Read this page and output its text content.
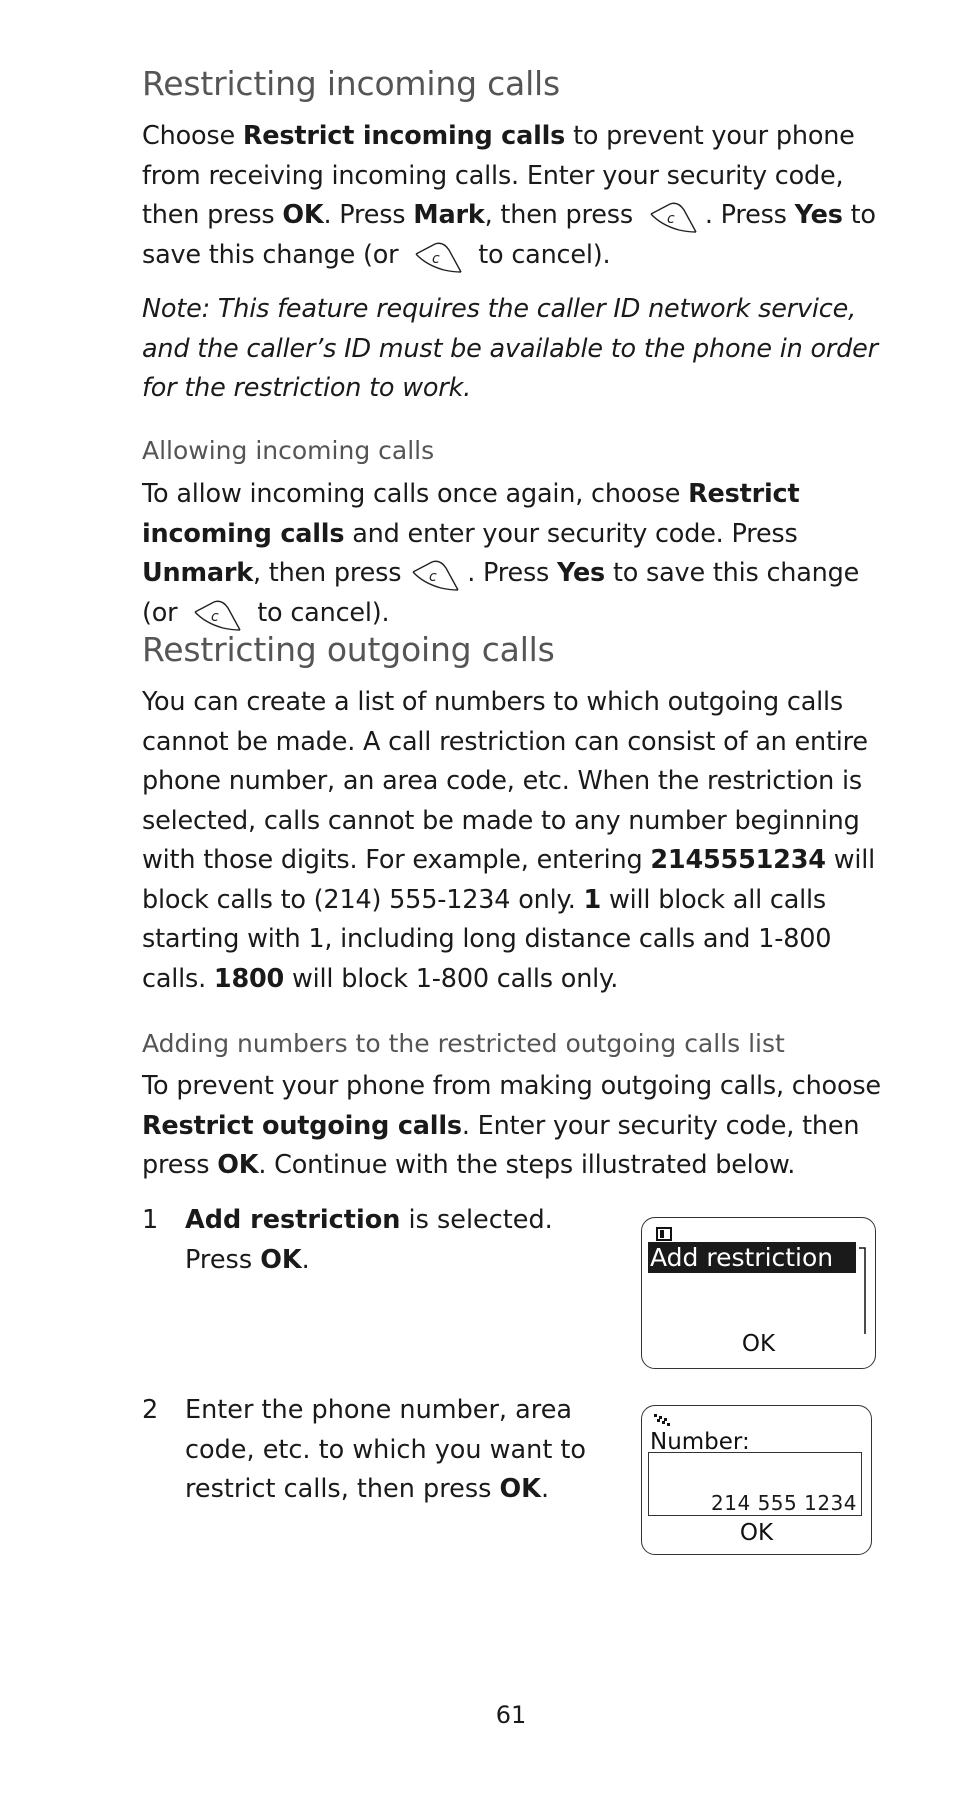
Restricting incoming calls

Choose Restrict incoming calls to prevent your phone from receiving incoming calls. Enter your security code, then press OK. Press Mark, then press c . Press Yes to save this change (or c to cancel).

Note: This feature requires the caller ID network service, and the caller’s ID must be available to the phone in order for the restriction to work.

Allowing incoming calls

To allow incoming calls once again, choose Restrict incoming calls and enter your security code. Press Unmark, then press c . Press Yes to save this change (or c to cancel).

Restricting outgoing calls

You can create a list of numbers to which outgoing calls cannot be made. A call restriction can consist of an entire phone number, an area code, etc. When the restriction is selected, calls cannot be made to any number beginning with those digits. For example, entering 2145551234 will block calls to (214) 555-1234 only. 1 will block all calls starting with 1, including long distance calls and 1-800 calls. 1800 will block 1-800 calls only.

Adding numbers to the restricted outgoing calls list

To prevent your phone from making outgoing calls, choose Restrict outgoing calls. Enter your security code, then press OK. Continue with the steps illustrated below.

1 Add restriction is selected.
Press OK.	Add restriction
OK
2 Enter the phone number, area code, etc. to which you want to restrict calls, then press OK.
Number:
214 555 1234
OK
61
